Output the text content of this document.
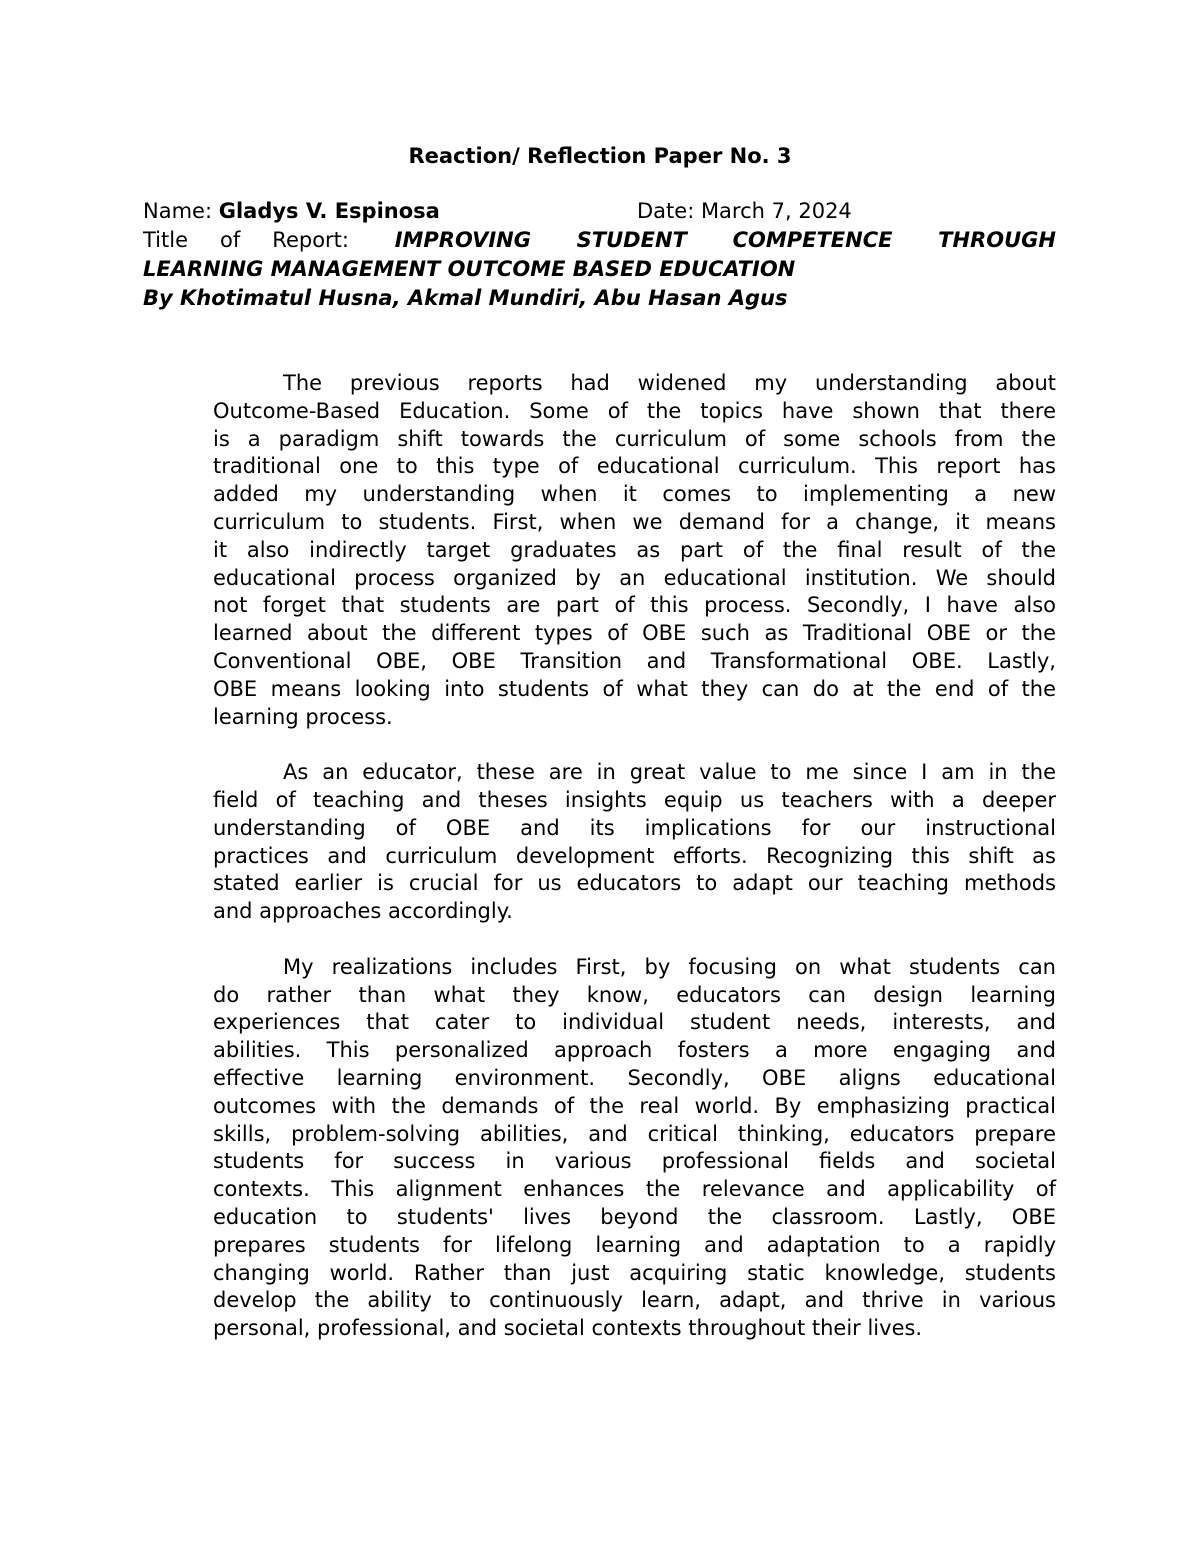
Reaction/ Reflection Paper No. 3
Name: Gladys V. Espinosa	Date: March 7, 2024
Title of Report: IMPROVING STUDENT COMPETENCE THROUGH
LEARNING MANAGEMENT OUTCOME BASED EDUCATION
By Khotimatul Husna, Akmal Mundiri, Abu Hasan Agus
The previous reports had widened my understanding about
Outcome-Based Education. Some of the topics have shown that there
is a paradigm shift towards the curriculum of some schools from the
traditional one to this type of educational curriculum. This report has
added my understanding when it comes to implementing a new
curriculum to students. First, when we demand for a change, it means
it also indirectly target graduates as part of the final result of the
educational process organized by an educational institution. We should
not forget that students are part of this process. Secondly, I have also
learned about the different types of OBE such as Traditional OBE or the
Conventional OBE, OBE Transition and Transformational OBE. Lastly,
OBE means looking into students of what they can do at the end of the
learning process.
As an educator, these are in great value to me since I am in the
field of teaching and theses insights equip us teachers with a deeper
understanding of OBE and its implications for our instructional
practices and curriculum development efforts. Recognizing this shift as
stated earlier is crucial for us educators to adapt our teaching methods
and approaches accordingly.
My realizations includes First, by focusing on what students can
do rather than what they know, educators can design learning
experiences that cater to individual student needs, interests, and
abilities. This personalized approach fosters a more engaging and
effective learning environment. Secondly, OBE aligns educational
outcomes with the demands of the real world. By emphasizing practical
skills, problem-solving abilities, and critical thinking, educators prepare
students for success in various professional fields and societal
contexts. This alignment enhances the relevance and applicability of
education to students' lives beyond the classroom. Lastly, OBE
prepares students for lifelong learning and adaptation to a rapidly
changing world. Rather than just acquiring static knowledge, students
develop the ability to continuously learn, adapt, and thrive in various
personal, professional, and societal contexts throughout their lives.
